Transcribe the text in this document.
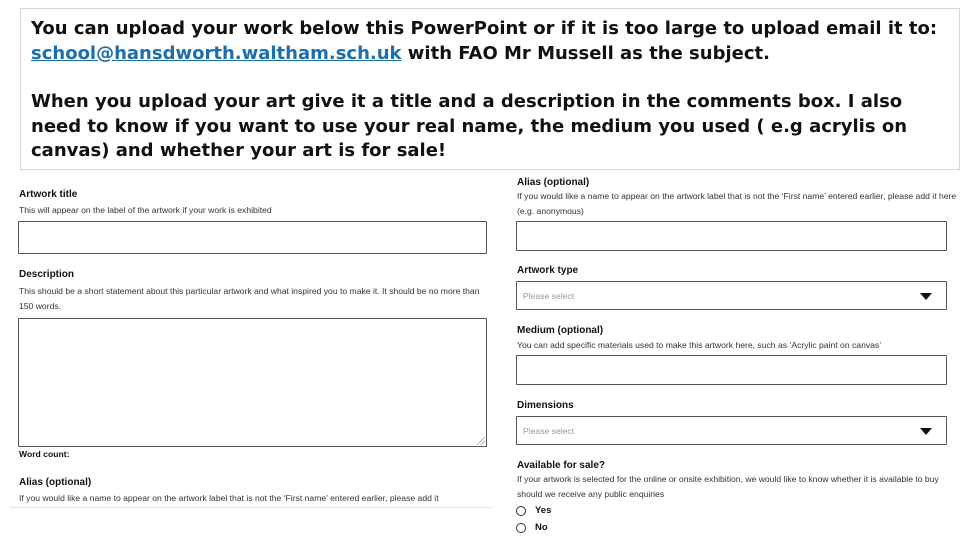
You can upload your work below this PowerPoint or if it is too large to upload email it to:
school@hansdworth.waltham.sch.uk with FAO Mr Mussell as the subject.

When you upload your art give it a title and a description in the comments box. I also need to know if you want to use your real name, the medium you used ( e.g acrylis on canvas) and whether your art is for sale!

Artwork title
This will appear on the label of the artwork if your work is exhibited
Description
This should be a short statement about this particular artwork and what inspired you to make it. It should be no more than 150 words.
Word count:
Alias (optional)
If you would like a name to appear on the artwork label that is not the ‘First name’ entered earlier, please add it
Alias (optional)
If you would like a name to appear on the artwork label that is not the ‘First name’ entered earlier, please add it here (e.g. anonymous)
Artwork type
Please select
Medium (optional)
You can add specific materials used to make this artwork here, such as ‘Acrylic paint on canvas’
Dimensions
Please select
Available for sale?
If your artwork is selected for the online or onsite exhibition, we would like to know whether it is available to buy should we receive any public enquiries
Yes
No
